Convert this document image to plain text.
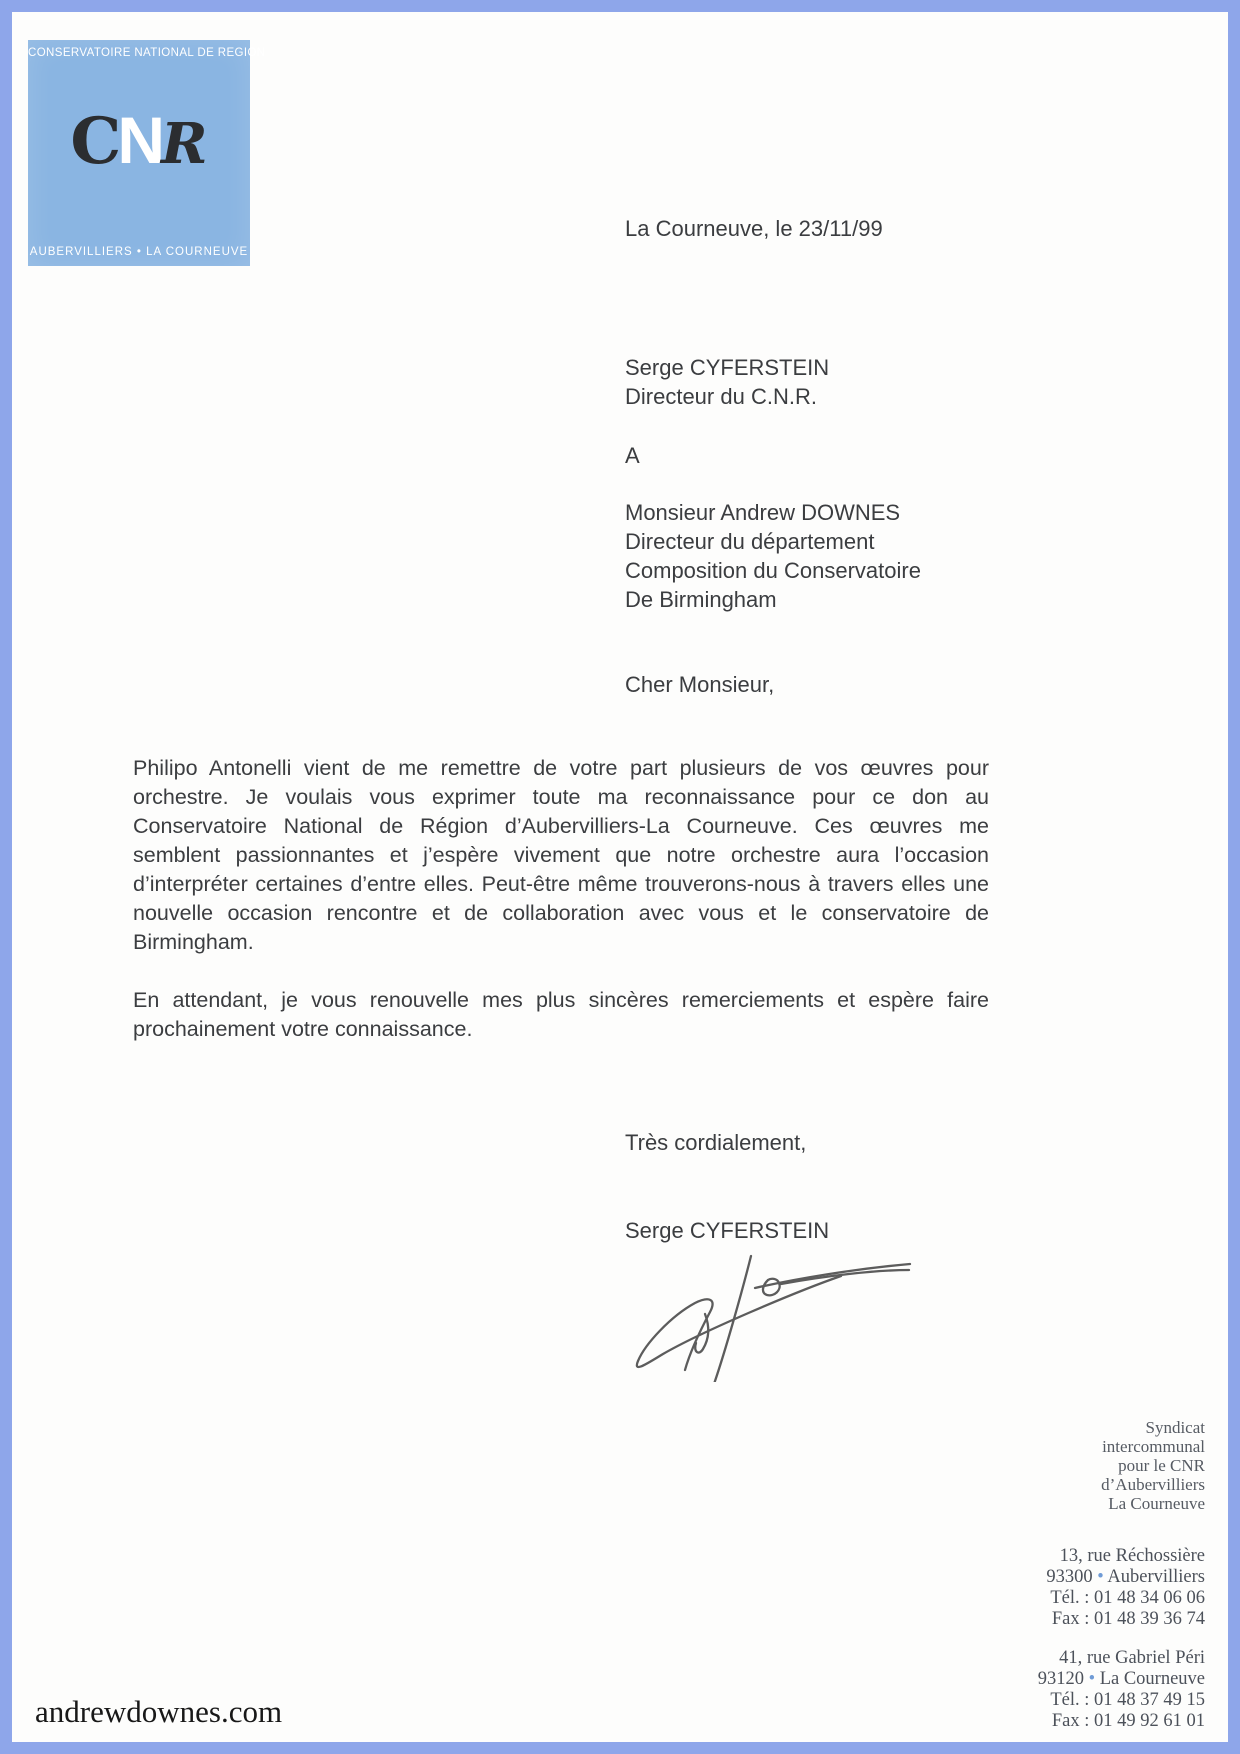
CONSERVATOIRE NATIONAL DE REGION
CNR
AUBERVILLIERS • LA COURNEUVE
La Courneuve, le 23/11/99
Serge CYFERSTEIN
Directeur du C.N.R.
A
Monsieur Andrew DOWNES
Directeur du département
Composition du Conservatoire
De Birmingham
Cher Monsieur,

Philipo Antonelli vient de me remettre de votre part plusieurs de vos œuvres pour orchestre. Je voulais vous exprimer toute ma reconnaissance pour ce don au Conservatoire National de Région d’Aubervilliers-La Courneuve. Ces œuvres me semblent passionnantes et j’espère vivement que notre orchestre aura l’occasion d’interpréter certaines d’entre elles. Peut-être même trouverons-nous à travers elles une nouvelle occasion rencontre et de collaboration avec vous et le conservatoire de Birmingham.

En attendant, je vous renouvelle mes plus sincères remerciements et espère faire prochainement votre connaissance.

Très cordialement,
Serge CYFERSTEIN
Syndicat
intercommunal
pour le CNR
d’Aubervilliers
La Courneuve
13, rue Réchossière
93300 • Aubervilliers
Tél. : 01 48 34 06 06
Fax : 01 48 39 36 74
41, rue Gabriel Péri
93120 • La Courneuve
Tél. : 01 48 37 49 15
Fax : 01 49 92 61 01
andrewdownes.com
